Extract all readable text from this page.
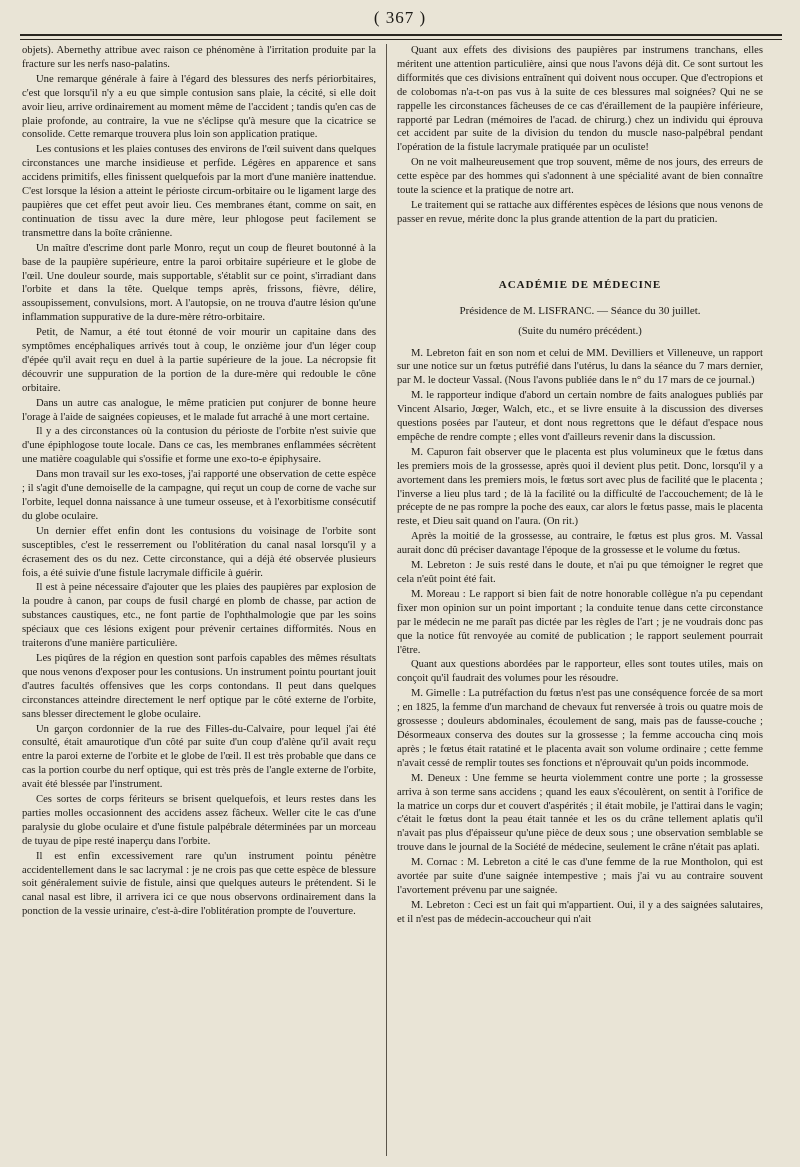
( 367 )

objets). Abernethy attribue avec raison ce phénomène à l'irritation produite par la fracture sur les nerfs naso-palatins.

Une remarque générale à faire à l'égard des blessures des nerfs périorbitaires, c'est que lorsqu'il n'y a eu que simple contusion sans plaie, la cécité, si elle doit avoir lieu, arrive ordinairement au moment même de l'accident ; tandis qu'en cas de plaie profonde, au contraire, la vue ne s'éclipse qu'à mesure que la cicatrice se consolide. Cette remarque trouvera plus loin son application pratique.

Les contusions et les plaies contuses des environs de l'œil suivent dans quelques circonstances une marche insidieuse et perfide. Légères en apparence et sans accidens primitifs, elles finissent quelquefois par la mort d'une manière inattendue. C'est lorsque la lésion a atteint le périoste circum-orbitaire ou le ligament large des paupières que cet effet peut avoir lieu. Ces membranes étant, comme on sait, en continuation de tissu avec la dure mère, leur phlogose peut facilement se transmettre dans la boîte crânienne.

Un maître d'escrime dont parle Monro, reçut un coup de fleuret boutonné à la base de la paupière supérieure, entre la paroi orbitaire supérieure et le globe de l'œil. Une douleur sourde, mais supportable, s'établit sur ce point, s'irradiant dans l'orbite et dans la tête. Quelque temps après, frissons, fièvre, délire, assoupissement, convulsions, mort. A l'autopsie, on ne trouva d'autre lésion qu'une inflammation suppurative de la dure-mère rétro-orbitaire.

Petit, de Namur, a été tout étonné de voir mourir un capitaine dans des symptômes encéphaliques arrivés tout à coup, le onzième jour d'un léger coup d'épée qu'il avait reçu en duel à la partie supérieure de la joue. La nécropsie fit découvrir une suppuration de la portion de la dure-mère qui redouble le cône orbitaire.

Dans un autre cas analogue, le même praticien put conjurer de bonne heure l'orage à l'aide de saignées copieuses, et le malade fut arraché à une mort certaine.

Il y a des circonstances où la contusion du périoste de l'orbite n'est suivie que d'une épiphlogose toute locale. Dans ce cas, les membranes enflammées sécrètent une matière coagulable qui s'ossifie et forme une exo-to-e épiphysaire.

Dans mon travail sur les exo-toses, j'ai rapporté une observation de cette espèce ; il s'agit d'une demoiselle de la campagne, qui reçut un coup de corne de vache sur l'orbite, lequel donna naissance à une tumeur osseuse, et à l'exorbitisme consécutif du globe oculaire.

Un dernier effet enfin dont les contusions du voisinage de l'orbite sont susceptibles, c'est le resserrement ou l'oblitération du canal nasal lorsqu'il y a écrasement des os du nez. Cette circonstance, qui a déjà été observée plusieurs fois, a été suivie d'une fistule lacrymale difficile à guérir.

Il est à peine nécessaire d'ajouter que les plaies des paupières par explosion de la poudre à canon, par coups de fusil chargé en plomb de chasse, par action de substances caustiques, etc., ne font partie de l'ophthalmologie que par les soins spéciaux que ces lésions exigent pour prévenir certaines difformités. Nous en traiterons d'une manière particulière.

Les piqûres de la région en question sont parfois capables des mêmes résultats que nous venons d'exposer pour les contusions. Un instrument pointu pourtant jouit d'autres facultés offensives que les corps contondans. Il peut dans quelques circonstances atteindre directement le nerf optique par le côté externe de l'orbite, sans blesser directement le globe oculaire.

Un garçon cordonnier de la rue des Filles-du-Calvaire, pour lequel j'ai été consulté, était amaurotique d'un côté par suite d'un coup d'alène qu'il avait reçu entre la paroi externe de l'orbite et le globe de l'œil. Il est très probable que dans ce cas la portion courbe du nerf optique, qui est très près de l'angle externe de l'orbite, avait été blessée par l'instrument.

Ces sortes de corps fériteurs se brisent quelquefois, et leurs restes dans les parties molles occasionnent des accidens assez fâcheux. Weller cite le cas d'une paralysie du globe oculaire et d'une fistule palpébrale déterminées par un morceau de tuyau de pipe resté inaperçu dans l'orbite.

Il est enfin excessivement rare qu'un instrument pointu pénètre accidentellement dans le sac lacrymal : je ne crois pas que cette espèce de blessure soit généralement suivie de fistule, ainsi que quelques auteurs le prétendent. Si le canal nasal est libre, il arrivera ici ce que nous observons ordinairement dans la ponction de la vessie urinaire, c'est-à-dire l'oblitération prompte de l'ouverture.

Quant aux effets des divisions des paupières par instrumens tranchans, elles méritent une attention particulière, ainsi que nous l'avons déjà dit. Ce sont surtout les difformités que ces divisions entraînent qui doivent nous occuper. Que d'ectropions et de colobomas n'a-t-on pas vus à la suite de ces blessures mal soignées? Qui ne se rappelle les circonstances fâcheuses de ce cas d'éraillement de la paupière inférieure, rapporté par Ledran (mémoires de l'acad. de chirurg.) chez un individu qui éprouva cet accident par suite de la division du tendon du muscle naso-palpébral pendant l'opération de la fistule lacrymale pratiquée par un oculiste!

On ne voit malheureusement que trop souvent, même de nos jours, des erreurs de cette espèce par des hommes qui s'adonnent à une spécialité avant de bien connaître toute la science et la pratique de notre art.

Le traitement qui se rattache aux différentes espèces de lésions que nous venons de passer en revue, mérite donc la plus grande attention de la part du praticien.

ACADÉMIE DE MÉDECINE
Présidence de M. LISFRANC. — Séance du 30 juillet.
(Suite du numéro précédent.)

M. Lebreton fait en son nom et celui de MM. Devilliers et Villeneuve, un rapport sur une notice sur un fœtus putréfié dans l'utérus, lu dans la séance du 7 mars dernier, par M. le docteur Vassal. (Nous l'avons publiée dans le n° du 17 mars de ce journal.)

M. le rapporteur indique d'abord un certain nombre de faits analogues publiés par Vincent Alsario, Jœger, Walch, etc., et se livre ensuite à la discussion des diverses questions posées par l'auteur, et dont nous regrettons que le défaut d'espace nous empêche de rendre compte ; elles vont d'ailleurs revenir dans la discussion.

M. Capuron fait observer que le placenta est plus volumineux que le fœtus dans les premiers mois de la grossesse, après quoi il devient plus petit. Donc, lorsqu'il y a avortement dans les premiers mois, le fœtus sort avec plus de facilité que le placenta ; l'inverse a lieu plus tard ; de là la facilité ou la difficulté de l'accouchement; de là le précepte de ne pas rompre la poche des eaux, car alors le fœtus passe, mais le placenta reste, et Dieu sait quand on l'aura. (On rit.)

Après la moitié de la grossesse, au contraire, le fœtus est plus gros. M. Vassal aurait donc dû préciser davantage l'époque de la grossesse et le volume du fœtus.

M. Lebreton : Je suis resté dans le doute, et n'ai pu que témoigner le regret que cela n'eût point été fait.

M. Moreau : Le rapport si bien fait de notre honorable collègue n'a pu cependant fixer mon opinion sur un point important ; la conduite tenue dans cette circonstance par le médecin ne me paraît pas dictée par les règles de l'art ; je ne voudrais donc pas que la notice fût renvoyée au comité de publication ; le rapport seulement pourrait l'être.

Quant aux questions abordées par le rapporteur, elles sont toutes utiles, mais on conçoit qu'il faudrait des volumes pour les résoudre.

M. Gimelle : La putréfaction du fœtus n'est pas une conséquence forcée de sa mort ; en 1825, la femme d'un marchand de chevaux fut renversée à trois ou quatre mois de grossesse ; douleurs abdominales, écoulement de sang, mais pas de fausse-couche ; Désormeaux conserva des doutes sur la grossesse ; la femme accoucha cinq mois après ; le fœtus était ratatiné et le placenta avait son volume ordinaire ; cette femme n'avait cessé de remplir toutes ses fonctions et n'éprouvait qu'un poids incommode.

M. Deneux : Une femme se heurta violemment contre une porte ; la grossesse arriva à son terme sans accidens ; quand les eaux s'écoulèrent, on sentit à l'orifice de la matrice un corps dur et couvert d'aspérités ; il était mobile, je l'attirai dans le vagin; c'était le fœtus dont la peau était tannée et les os du crâne tellement aplatis qu'il n'avait pas plus d'épaisseur qu'une pièce de deux sous ; une observation semblable se trouve dans le journal de la Société de médecine, seulement le crâne n'était pas aplati.

M. Cornac : M. Lebreton a cité le cas d'une femme de la rue Montholon, qui est avortée par suite d'une saignée intempestive ; mais j'ai vu au contraire souvent l'avortement prévenu par une saignée.

M. Lebreton : Ceci est un fait qui m'appartient. Oui, il y a des saignées salutaires, et il n'est pas de médecin-accoucheur qui n'ait
